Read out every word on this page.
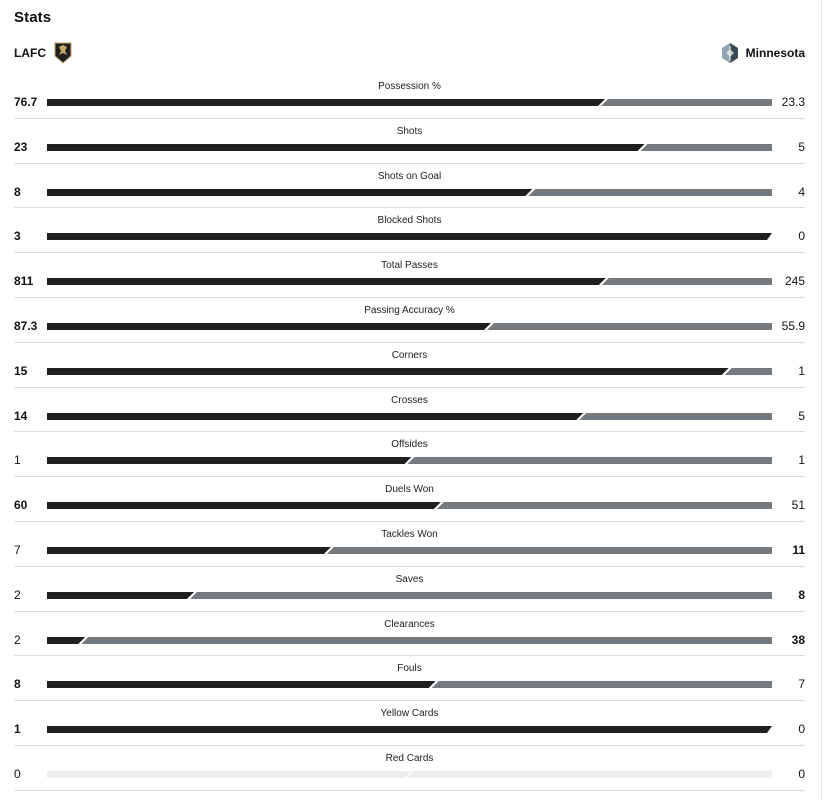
Stats
LAFC	Minnesota
Possession %
76.7	23.3
Shots
23	5
Shots on Goal
8	4
Blocked Shots
3	0
Total Passes
811	245
Passing Accuracy %
87.3	55.9
Corners
15	1
Crosses
14	5
Offsides
1	1
Duels Won
60	51
Tackles Won
7	11
Saves
2	8
Clearances
2	38
Fouls
8	7
Yellow Cards
1	0
Red Cards
0	0
